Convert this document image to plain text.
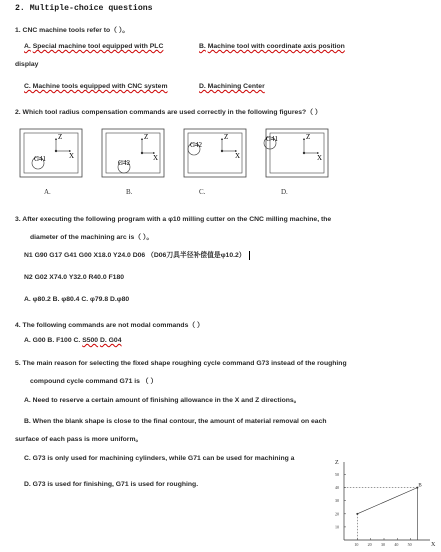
2. Multiple-choice questions
1. CNC machine tools refer to（ ）。
A. Special machine tool equipped with PLC	B. Machine tool with coordinate axis position
display
C. Machine tools equipped with CNC system	D. Machining Center
2. Which tool radius compensation commands are used correctly in the following figures?（ ）
Z
X
G41
Z
X
G42
Z
X
G42
Z
X
G41
A.	B.	C.	D.
3. After executing the following program with a φ10 milling cutter on the CNC milling machine, the
diameter of the machining arc is（ ）。
N1 G90 G17 G41 G00 X18.0 Y24.0 D06 （D06刀具半径补偿值是φ10.2）
N2 G02 X74.0 Y32.0 R40.0 F180
A. φ80.2 B. φ80.4 C. φ79.8 D.φ80
4. The following commands are not modal commands（ ）
A. G00 B. F100 C. S500 D. G04
5. The main reason for selecting the fixed shape roughing cycle command G73 instead of the roughing
compound cycle command G71 is （ ）
A. Need to reserve a certain amount of finishing allowance in the X and Z directions。
B. When the blank shape is close to the final contour, the amount of material removal on each
surface of each pass is more uniform。
C. G73 is only used for machining cylinders, while G71 can be used for machining a
D. G73 is used for finishing, G71 is used for roughing.
X
Z
10 20 30 40 50
10
20
30
40
50
B
